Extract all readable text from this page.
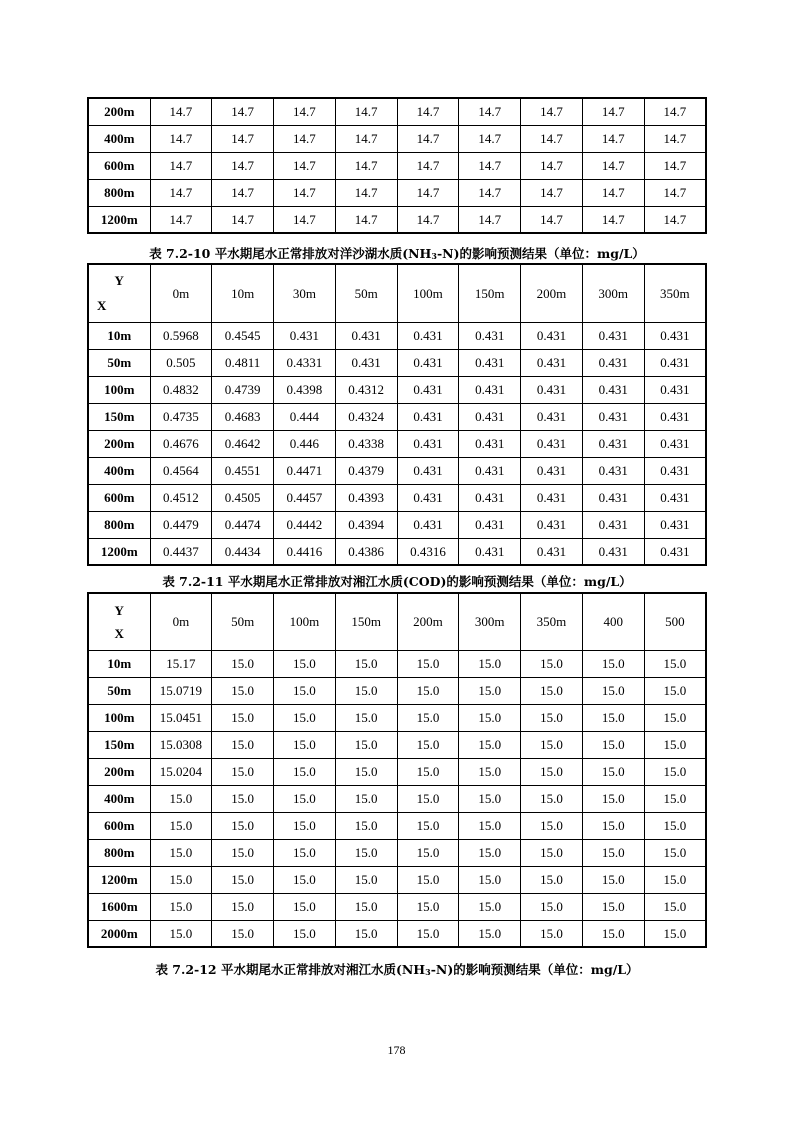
200m	14.7	14.7	14.7	14.7	14.7	14.7	14.7	14.7	14.7
400m	14.7	14.7	14.7	14.7	14.7	14.7	14.7	14.7	14.7
600m	14.7	14.7	14.7	14.7	14.7	14.7	14.7	14.7	14.7
800m	14.7	14.7	14.7	14.7	14.7	14.7	14.7	14.7	14.7
1200m	14.7	14.7	14.7	14.7	14.7	14.7	14.7	14.7	14.7
表 7.2-10 平水期尾水正常排放对洋沙湖水质$(NH_3-N)$的影响预测结果（单位：mg/L）
Y
X	0m	10m	30m	50m	100m	150m	200m	300m	350m
10m	0.5968	0.4545	0.431	0.431	0.431	0.431	0.431	0.431	0.431
50m	0.505	0.4811	0.4331	0.431	0.431	0.431	0.431	0.431	0.431
100m	0.4832	0.4739	0.4398	0.4312	0.431	0.431	0.431	0.431	0.431
150m	0.4735	0.4683	0.444	0.4324	0.431	0.431	0.431	0.431	0.431
200m	0.4676	0.4642	0.446	0.4338	0.431	0.431	0.431	0.431	0.431
400m	0.4564	0.4551	0.4471	0.4379	0.431	0.431	0.431	0.431	0.431
600m	0.4512	0.4505	0.4457	0.4393	0.431	0.431	0.431	0.431	0.431
800m	0.4479	0.4474	0.4442	0.4394	0.431	0.431	0.431	0.431	0.431
1200m	0.4437	0.4434	0.4416	0.4386	0.4316	0.431	0.431	0.431	0.431
表 7.2-11 平水期尾水正常排放对湘江水质(COD)的影响预测结果（单位：mg/L）
Y
X	0m	50m	100m	150m	200m	300m	350m	400	500
10m	15.17	15.0	15.0	15.0	15.0	15.0	15.0	15.0	15.0
50m	15.0719	15.0	15.0	15.0	15.0	15.0	15.0	15.0	15.0
100m	15.0451	15.0	15.0	15.0	15.0	15.0	15.0	15.0	15.0
150m	15.0308	15.0	15.0	15.0	15.0	15.0	15.0	15.0	15.0
200m	15.0204	15.0	15.0	15.0	15.0	15.0	15.0	15.0	15.0
400m	15.0	15.0	15.0	15.0	15.0	15.0	15.0	15.0	15.0
600m	15.0	15.0	15.0	15.0	15.0	15.0	15.0	15.0	15.0
800m	15.0	15.0	15.0	15.0	15.0	15.0	15.0	15.0	15.0
1200m	15.0	15.0	15.0	15.0	15.0	15.0	15.0	15.0	15.0
1600m	15.0	15.0	15.0	15.0	15.0	15.0	15.0	15.0	15.0
2000m	15.0	15.0	15.0	15.0	15.0	15.0	15.0	15.0	15.0
表 7.2-12 平水期尾水正常排放对湘江水质$(NH_3-N)$的影响预测结果（单位：mg/L）
178
